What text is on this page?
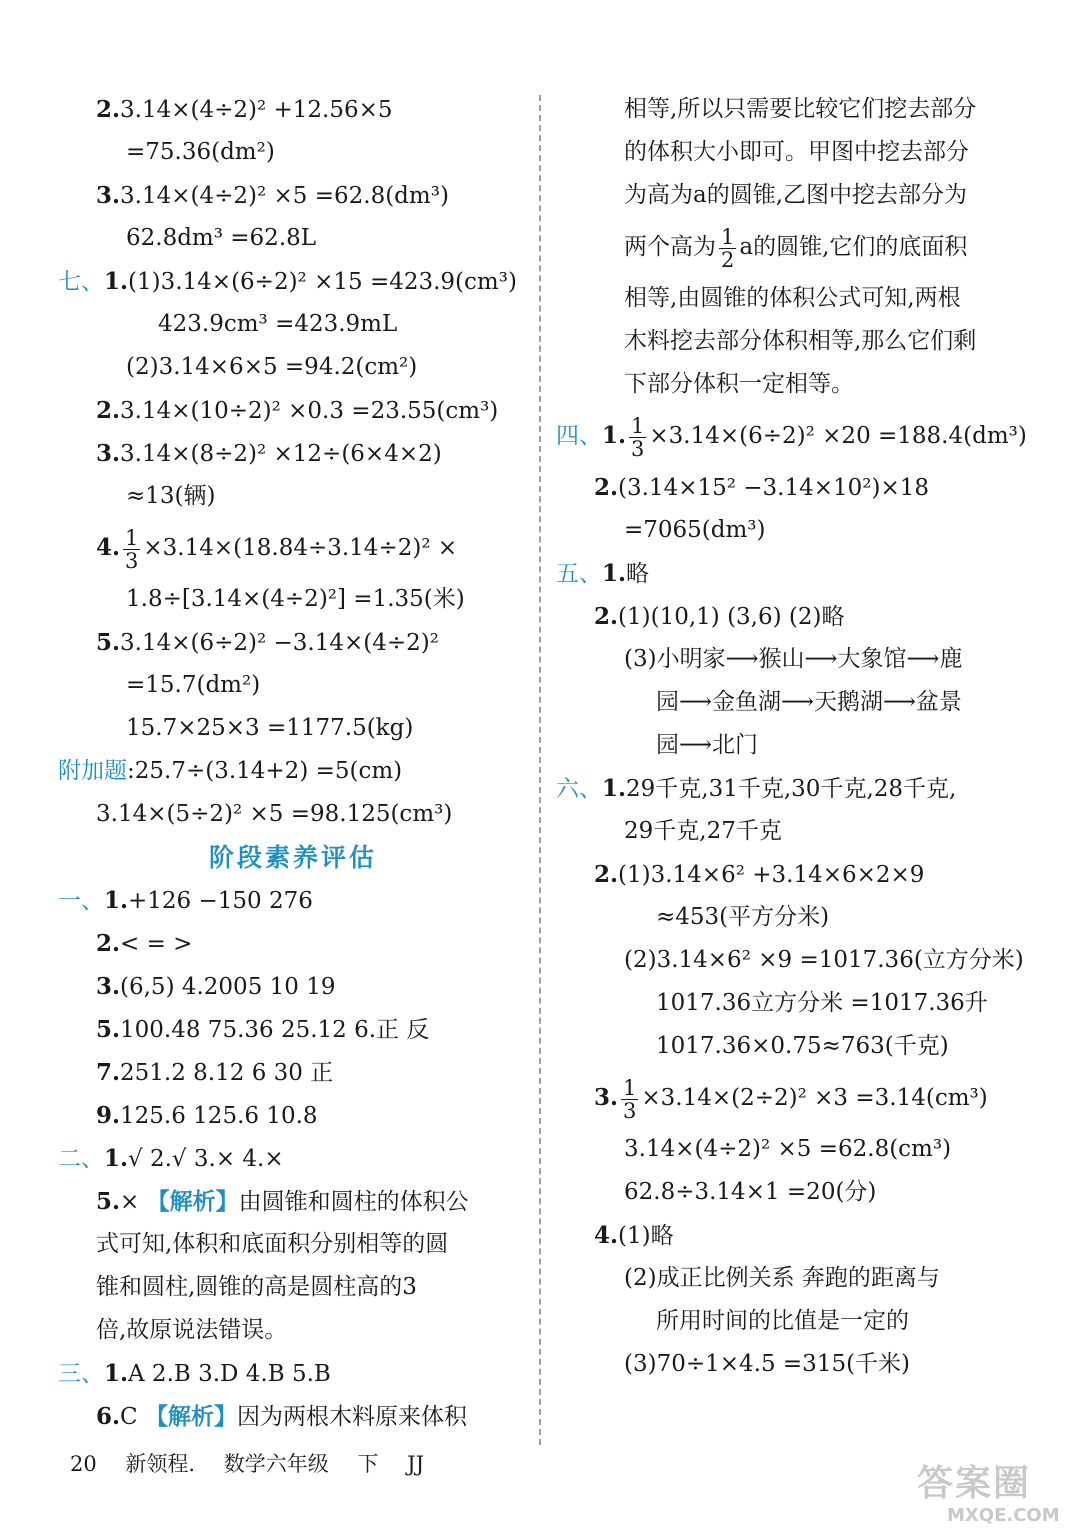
2.3.14×(4÷2)² +12.56×5
=75.36(dm²)
3.3.14×(4÷2)² ×5 =62.8(dm³)
62.8dm³ =62.8L
七、1.(1)3.14×(6÷2)² ×15 =423.9(cm³)
423.9cm³ =423.9mL
(2)3.14×6×5 =94.2(cm²)
2.3.14×(10÷2)² ×0.3 =23.55(cm³)
3.3.14×(8÷2)² ×12÷(6×4×2)
≈13(辆)
4. $\frac{1}{3} \times 3.14\times(18.84\div 3.14\div 2)^2$ ×
1.8÷[3.14×(4÷2)²] =1.35(米)
5.3.14×(6÷2)² −3.14×(4÷2)²
=15.7(dm²)
15.7×25×3 =1177.5(kg)
附加题:25.7÷(3.14+2) =5(cm)
3.14×(5÷2)² ×5 =98.125(cm³)
阶段素养评估
一、1.+126 −150 276
2.< = >
3.(6,5) 4.2005 10 19
5.100.48 75.36 25.12 6.正 反
7.251.2 8.12 6 30 正
9.125.6 125.6 10.8
二、1.√ 2.√ 3.× 4.×
5.× 【解析】由圆锥和圆柱的体积公
式可知,体积和底面积分别相等的圆
锥和圆柱,圆锥的高是圆柱高的3
倍,故原说法错误。
三、1.A 2.B 3.D 4.B 5.B
6.C 【解析】因为两根木料原来体积
相等,所以只需要比较它们挖去部分
的体积大小即可。甲图中挖去部分
为高为a的圆锥,乙图中挖去部分为
两个高为 $\frac{1}{2}$ a的圆锥,它们的底面积
相等,由圆锥的体积公式可知,两根
木料挖去部分体积相等,那么它们剩
下部分体积一定相等。
四、1. $\frac{1}{3} \times 3.14\times(6\div 2)^2 \times 20 =188.4(dm^3)$
2.(3.14×15² −3.14×10²)×18
=7065(dm³)
五、1.略
2.(1)(10,1) (3,6) (2)略
(3)小明家⟶猴山⟶大象馆⟶鹿
园⟶金鱼湖⟶天鹅湖⟶盆景
园⟶北门
六、1.29千克,31千克,30千克,28千克,
29千克,27千克
2.(1)3.14×6² +3.14×6×2×9
≈453(平方分米)
(2)3.14×6² ×9 =1017.36(立方分米)
1017.36立方分米 =1017.36升
1017.36×0.75≈763(千克)
3. $\frac{1}{3} \times 3.14\times(2\div 2)^2 \times 3 =3.14(cm^3)$
3.14×(4÷2)² ×5 =62.8(cm³)
62.8÷3.14×1 =20(分)
4.(1)略
(2)成正比例关系 奔跑的距离与
所用时间的比值是一定的
(3)70÷1×4.5 =315(千米)
20 新领程. 数学六年级 下 JJ	答案圈
MXQE.COM
